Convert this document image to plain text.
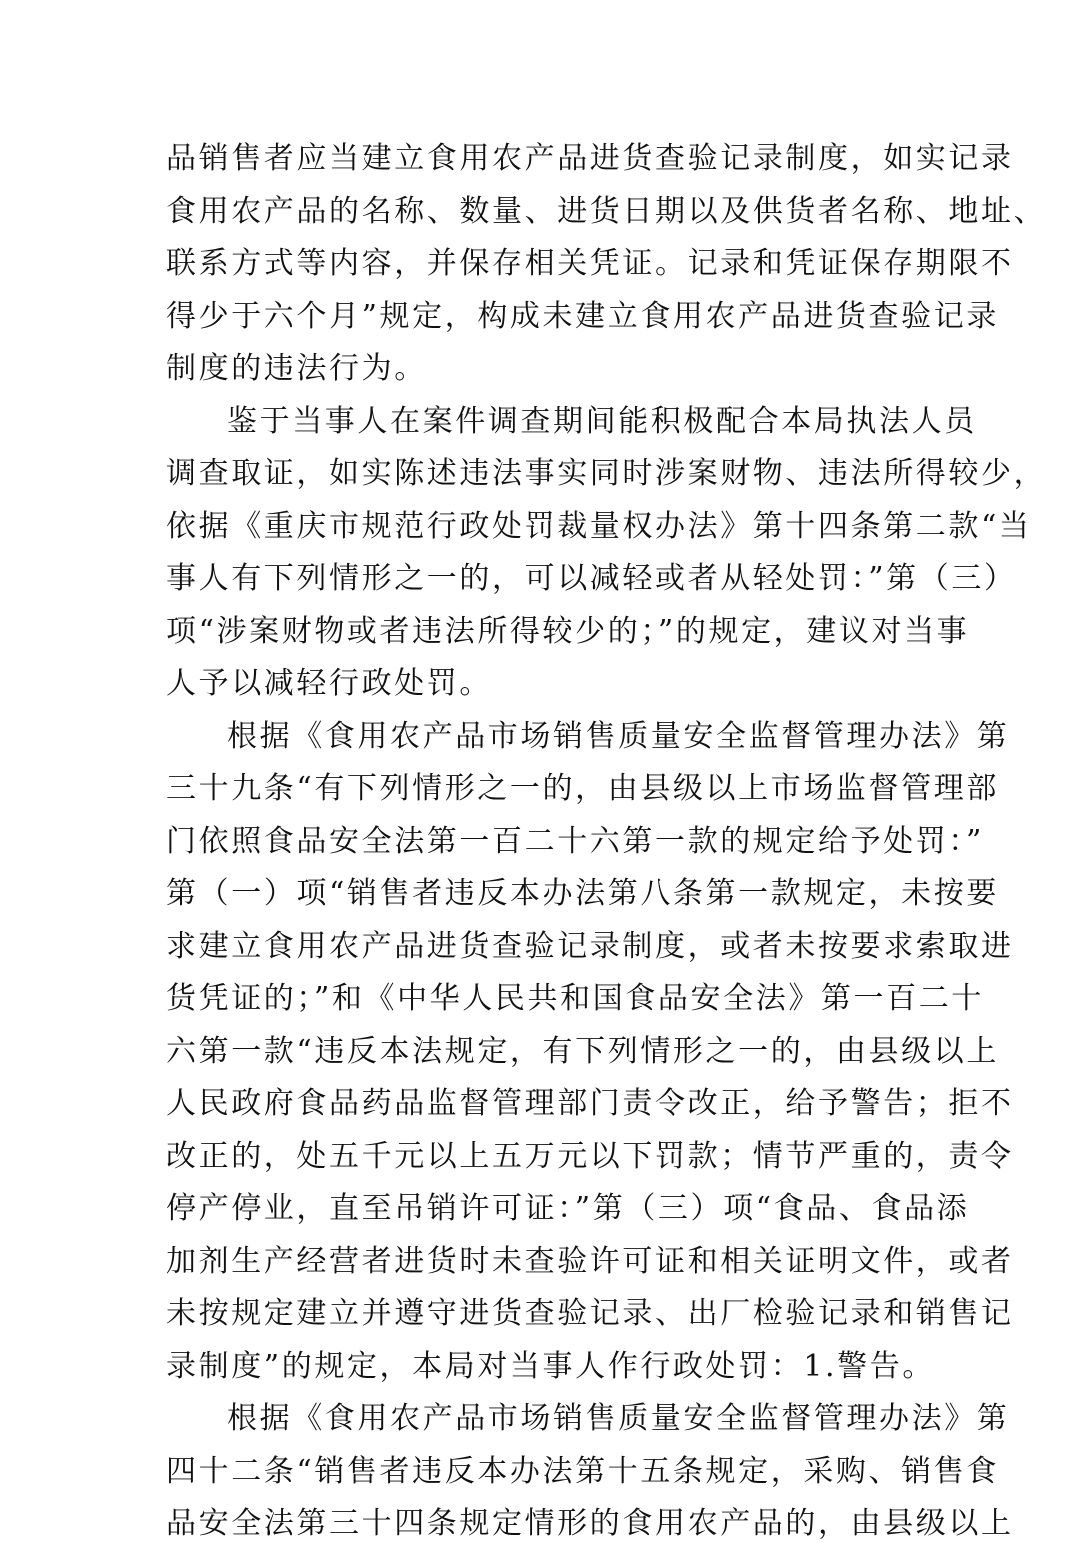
品销售者应当建立食用农产品进货查验记录制度，如实记录
食用农产品的名称、数量、进货日期以及供货者名称、地址、
联系方式等内容，并保存相关凭证。记录和凭证保存期限不
得少于六个月”规定，构成未建立食用农产品进货查验记录
制度的违法行为。
鉴于当事人在案件调查期间能积极配合本局执法人员
调查取证，如实陈述违法事实同时涉案财物、违法所得较少，
依据《重庆市规范行政处罚裁量权办法》第十四条第二款“当
事人有下列情形之一的，可以减轻或者从轻处罚：”第（三）
项“涉案财物或者违法所得较少的；”的规定，建议对当事
人予以减轻行政处罚。
根据《食用农产品市场销售质量安全监督管理办法》第
三十九条“有下列情形之一的，由县级以上市场监督管理部
门依照食品安全法第一百二十六第一款的规定给予处罚：”
第（一）项“销售者违反本办法第八条第一款规定，未按要
求建立食用农产品进货查验记录制度，或者未按要求索取进
货凭证的；”和《中华人民共和国食品安全法》第一百二十
六第一款“违反本法规定，有下列情形之一的，由县级以上
人民政府食品药品监督管理部门责令改正，给予警告；拒不
改正的，处五千元以上五万元以下罚款；情节严重的，责令
停产停业，直至吊销许可证：”第（三）项“食品、食品添
加剂生产经营者进货时未查验许可证和相关证明文件，或者
未按规定建立并遵守进货查验记录、出厂检验记录和销售记
录制度”的规定，本局对当事人作行政处罚：1.警告。
根据《食用农产品市场销售质量安全监督管理办法》第
四十二条“销售者违反本办法第十五条规定，采购、销售食
品安全法第三十四条规定情形的食用农产品的，由县级以上
